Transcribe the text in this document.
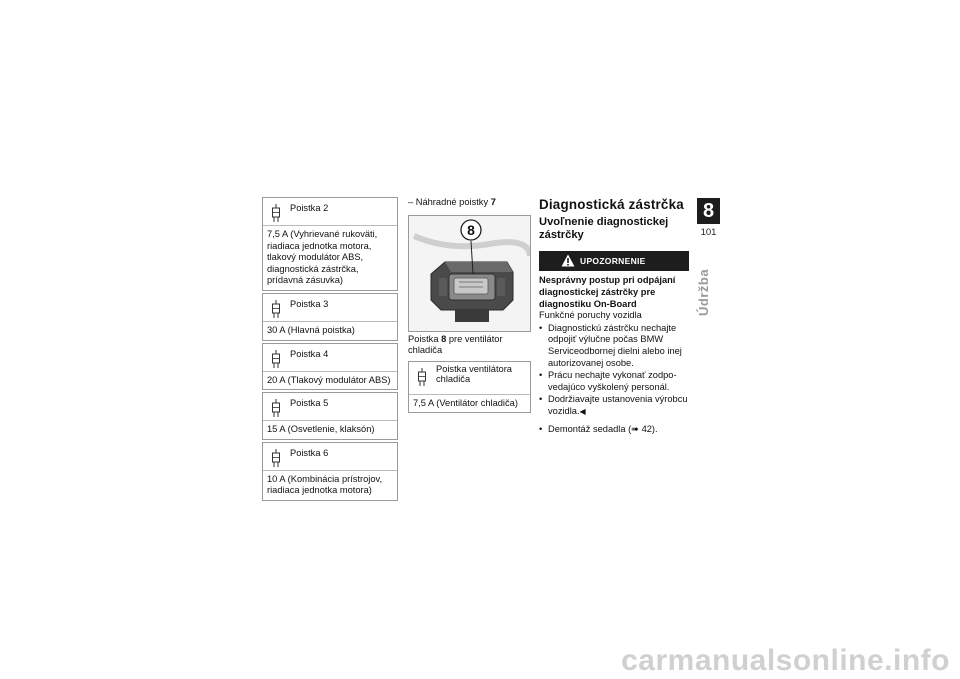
Poistka 2
7,5 A (Vyhrievané rukoväti, riadiaca jednotka motora, tlakový modulátor ABS, diagnostická zástrčka, prídavná zásuvka)
Poistka 3
30 A (Hlavná poistka)
Poistka 4
20 A (Tlakový modulátor ABS)
Poistka 5
15 A (Osvetlenie, klaksón)
Poistka 6
10 A (Kombinácia prístrojov, riadiaca jednotka motora)

– Náhradné poistky 7

8

Poistka 8 pre ventilátor chladiča

Poistka ventilátora chladiča
7,5 A (Ventilátor chladiča)
Diagnostická zástrčka
Uvoľnenie diagnostickej zástrčky
UPOZORNENIE

Nesprávny postup pri odpájaní diagnostickej zástrčky pre diagnostiku On-Board

Funkčné poruchy vozidla

• Diagnostickú zástrčku nechajte odpojiť výlučne počas BMW Serviceodbornej dielni alebo inej autorizovanej osobe.
• Prácu nechajte vykonať zodpovedajúco vyškolený personál.
• Dodržiavajte ustanovenia výrobcu vozidla.◀
• Demontáž sedadla (➠ 42).
8
101
Údržba
carmanualsonline.info
